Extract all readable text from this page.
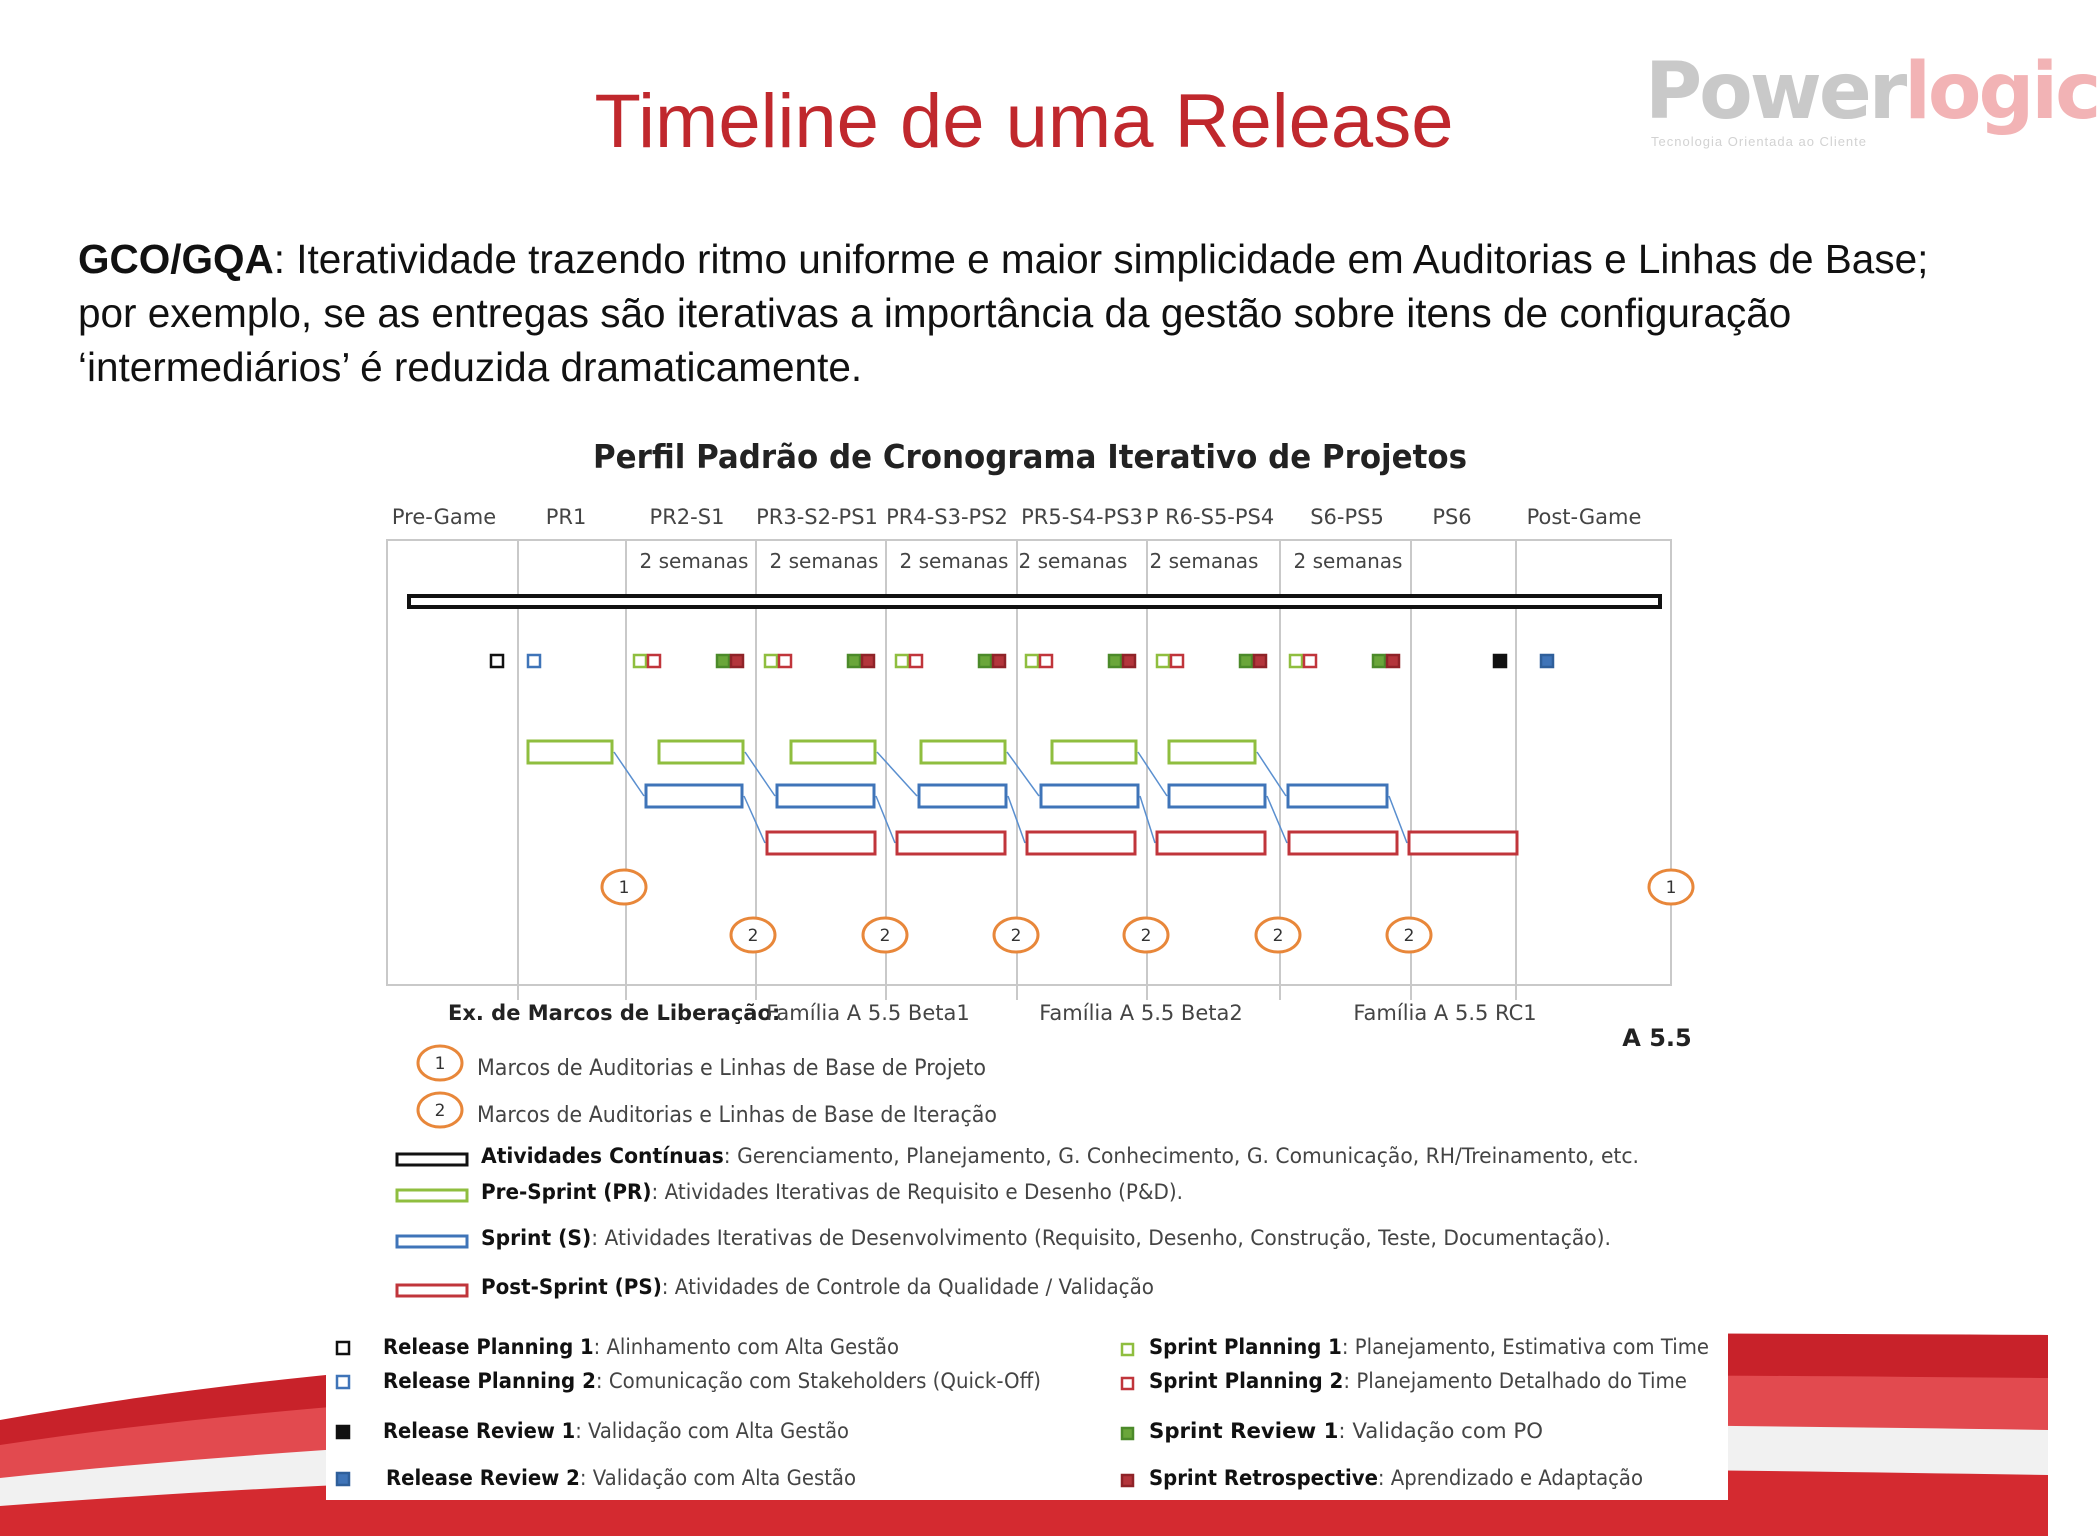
Powerlogic
Tecnologia Orientada ao Cliente
Timeline de uma Release
GCO/GQA: Iteratividade trazendo ritmo uniforme e maior simplicidade em Auditorias e Linhas de Base; por exemplo, se as entregas são iterativas a importância da gestão sobre itens de configuração ‘intermediários’ é reduzida dramaticamente.
Perfil Padrão de Cronograma Iterativo de Projetos
Pre-Game PR1	PR2-S1 PR3-S2-PS1 PR4-S3-PS2 PR5-S4-PS3 P R6-S5-PS4 S6-PS5 PS6	Post-Game
2 semanas 2 semanas 2 semanas 2 semanas 2 semanas 2 semanas
1	1
2	2	2	2	2	2
Ex. de Marcos de Liberação:
Família A 5.5 Beta1	Família A 5.5 Beta2	Família A 5.5 RC1
A 5.5
1 Marcos de Auditorias e Linhas de Base de Projeto
2 Marcos de Auditorias e Linhas de Base de Iteração
Atividades Contínuas: Gerenciamento, Planejamento, G. Conhecimento, G. Comunicação, RH/Treinamento, etc.
Pre-Sprint (PR): Atividades Iterativas de Requisito e Desenho (P&D).
Sprint (S): Atividades Iterativas de Desenvolvimento (Requisito, Desenho, Construção, Teste, Documentação).
Post-Sprint (PS): Atividades de Controle da Qualidade / Validação
Release Planning 1: Alinhamento com Alta Gestão
Release Planning 2: Comunicação com Stakeholders (Quick-Off)
Release Review 1: Validação com Alta Gestão
Release Review 2: Validação com Alta Gestão
Sprint Planning 1: Planejamento, Estimativa com Time
Sprint Planning 2: Planejamento Detalhado do Time
Sprint Review 1 : Validação com PO
Sprint Retrospective: Aprendizado e Adaptação
